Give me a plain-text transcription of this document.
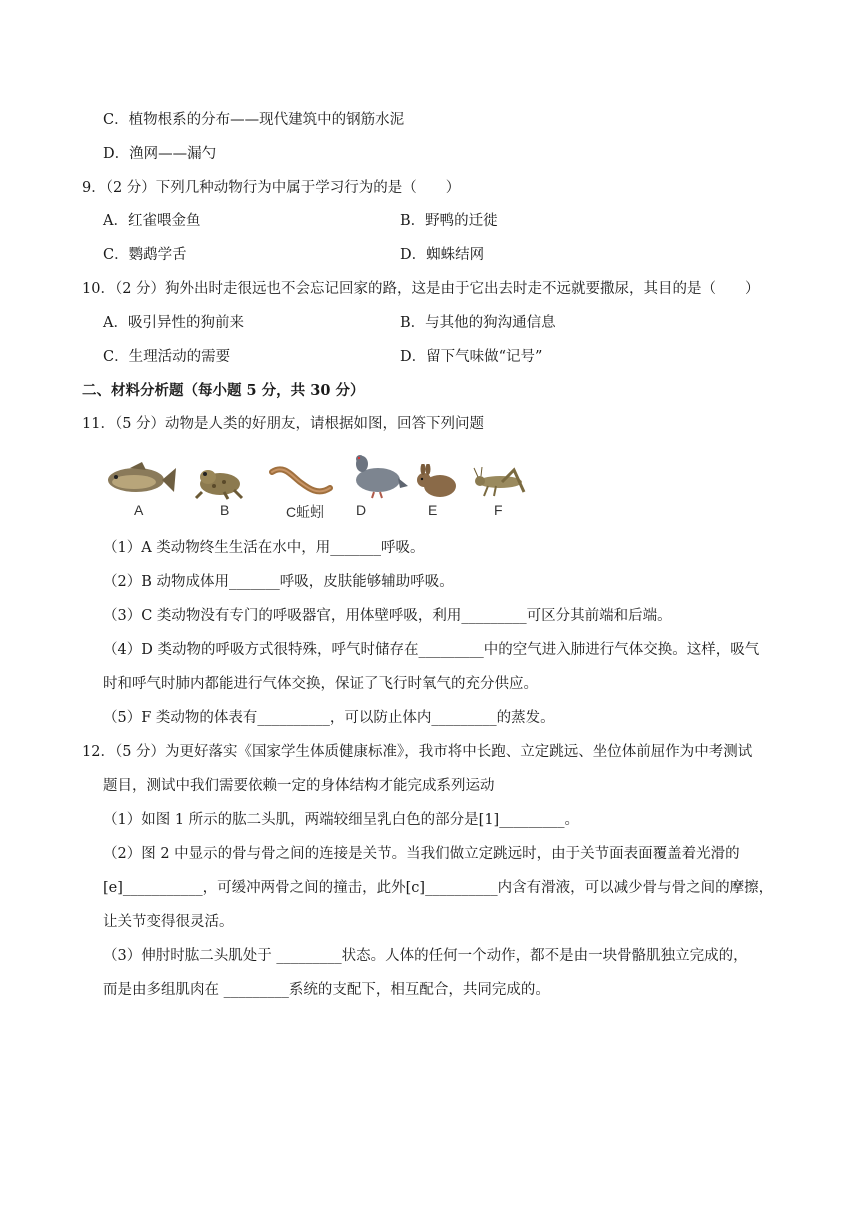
C．植物根系的分布——现代建筑中的钢筋水泥
D．渔网——漏勺
9．（2 分）下列几种动物行为中属于学习行为的是（　　）
A．红雀喂金鱼	B．野鸭的迁徙
C．鹦鹉学舌	D．蜘蛛结网
10．（2 分）狗外出时走很远也不会忘记回家的路，这是由于它出去时走不远就要撒尿，其目的是（　　）
A．吸引异性的狗前来	B．与其他的狗沟通信息
C．生理活动的需要	D．留下气味做“记号”
二、材料分析题（每小题 5 分，共 30 分）
11．（5 分）动物是人类的好朋友，请根据如图，回答下列问题
A	B	C蚯蚓 D	E	F
（1）A 类动物终生生活在水中，用_______呼吸。
（2）B 动物成体用_______呼吸，皮肤能够辅助呼吸。
（3）C 类动物没有专门的呼吸器官，用体壁呼吸，利用_________可区分其前端和后端。
（4）D 类动物的呼吸方式很特殊，呼气时储存在_________中的空气进入肺进行气体交换。这样，吸气
时和呼气时肺内都能进行气体交换，保证了飞行时氧气的充分供应。
（5）F 类动物的体表有__________，可以防止体内_________的蒸发。
12．（5 分）为更好落实《国家学生体质健康标准》，我市将中长跑、立定跳远、坐位体前屈作为中考测试
题目，测试中我们需要依赖一定的身体结构才能完成系列运动
（1）如图 1 所示的肱二头肌，两端较细呈乳白色的部分是[1]_________。
（2）图 2 中显示的骨与骨之间的连接是关节。当我们做立定跳远时，由于关节面表面覆盖着光滑的
[e]___________，可缓冲两骨之间的撞击，此外[c]__________内含有滑液，可以减少骨与骨之间的摩擦，
让关节变得很灵活。
（3）伸肘时肱二头肌处于 _________状态。人体的任何一个动作，都不是由一块骨骼肌独立完成的，
而是由多组肌肉在 _________系统的支配下，相互配合，共同完成的。
